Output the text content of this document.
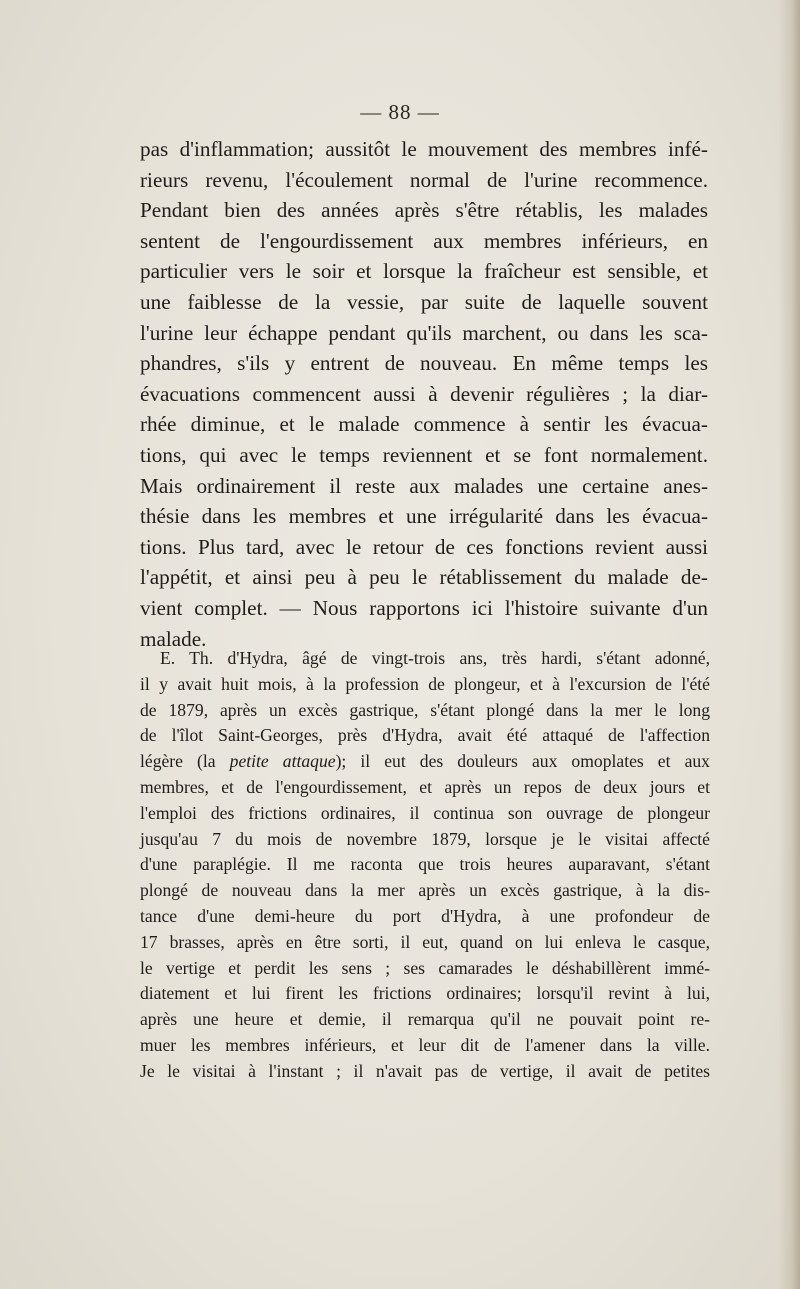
— 88 —
pas d'inflammation; aussitôt le mouvement des membres infé-
rieurs revenu, l'écoulement normal de l'urine recommence.
Pendant bien des années après s'être rétablis, les malades
sentent de l'engourdissement aux membres inférieurs, en
particulier vers le soir et lorsque la fraîcheur est sensible, et
une faiblesse de la vessie, par suite de laquelle souvent
l'urine leur échappe pendant qu'ils marchent, ou dans les sca-
phandres, s'ils y entrent de nouveau. En même temps les
évacuations commencent aussi à devenir régulières ; la diar-
rhée diminue, et le malade commence à sentir les évacua-
tions, qui avec le temps reviennent et se font normalement.
Mais ordinairement il reste aux malades une certaine anes-
thésie dans les membres et une irrégularité dans les évacua-
tions. Plus tard, avec le retour de ces fonctions revient aussi
l'appétit, et ainsi peu à peu le rétablissement du malade de-
vient complet. — Nous rapportons ici l'histoire suivante d'un
malade.
E. Th. d'Hydra, âgé de vingt-trois ans, très hardi, s'étant adonné,
il y avait huit mois, à la profession de plongeur, et à l'excursion de l'été
de 1879, après un excès gastrique, s'étant plongé dans la mer le long
de l'îlot Saint-Georges, près d'Hydra, avait été attaqué de l'affection
légère (la petite attaque); il eut des douleurs aux omoplates et aux
membres, et de l'engourdissement, et après un repos de deux jours et
l'emploi des frictions ordinaires, il continua son ouvrage de plongeur
jusqu'au 7 du mois de novembre 1879, lorsque je le visitai affecté
d'une paraplégie. Il me raconta que trois heures auparavant, s'étant
plongé de nouveau dans la mer après un excès gastrique, à la dis-
tance d'une demi-heure du port d'Hydra, à une profondeur de
17 brasses, après en être sorti, il eut, quand on lui enleva le casque,
le vertige et perdit les sens ; ses camarades le déshabillèrent immé-
diatement et lui firent les frictions ordinaires; lorsqu'il revint à lui,
après une heure et demie, il remarqua qu'il ne pouvait point re-
muer les membres inférieurs, et leur dit de l'amener dans la ville.
Je le visitai à l'instant ; il n'avait pas de vertige, il avait de petites
